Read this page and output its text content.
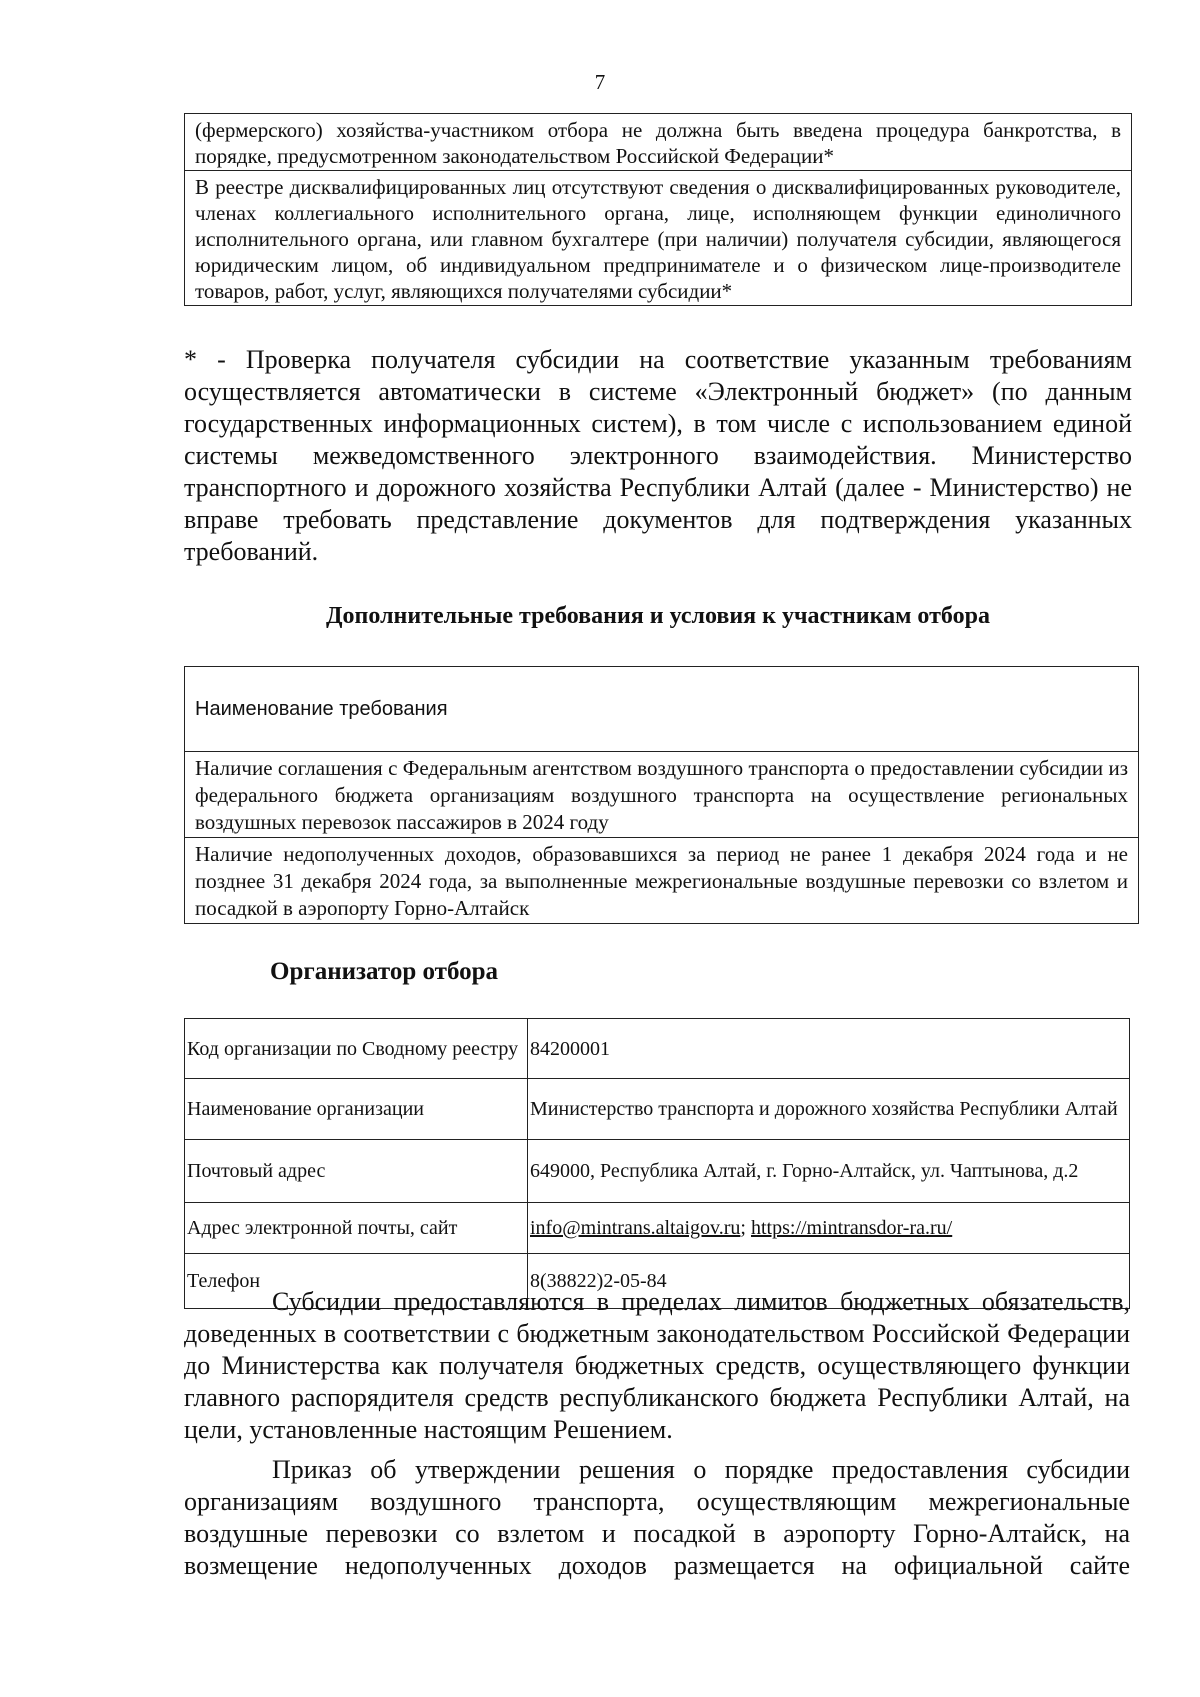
7
(фермерского) хозяйства-участником отбора не должна быть введена процедура банкротства, в порядке, предусмотренном законодательством Российской Федерации*
В реестре дисквалифицированных лиц отсутствуют сведения о дисквалифицированных руководителе, членах коллегиального исполнительного органа, лице, исполняющем функции единоличного исполнительного органа, или главном бухгалтере (при наличии) получателя субсидии, являющегося юридическим лицом, об индивидуальном предпринимателе и о физическом лице-производителе товаров, работ, услуг, являющихся получателями субсидии*
* - Проверка получателя субсидии на соответствие указанным требованиям осуществляется автоматически в системе «Электронный бюджет» (по данным государственных информационных систем), в том числе с использованием единой системы межведомственного электронного взаимодействия. Министерство транспортного и дорожного хозяйства Республики Алтай (далее - Министерство) не вправе требовать представление документов для подтверждения указанных требований.
Дополнительные требования и условия к участникам отбора
Наименование требования
Наличие соглашения с Федеральным агентством воздушного транспорта о предоставлении субсидии из федерального бюджета организациям воздушного транспорта на осуществление региональных воздушных перевозок пассажиров в 2024 году
Наличие недополученных доходов, образовавшихся за период не ранее 1 декабря 2024 года и не позднее 31 декабря 2024 года, за выполненные межрегиональные воздушные перевозки со взлетом и посадкой в аэропорту Горно-Алтайск
Организатор отбора
Код организации по Сводному реестру	84200001
Наименование организации	Министерство транспорта и дорожного хозяйства Республики Алтай
Почтовый адрес	649000, Республика Алтай, г. Горно-Алтайск, ул. Чаптынова, д.2
Адрес электронной почты, сайт	info@mintrans.altaigov.ru; https://mintransdor-ra.ru/
Телефон	8(38822)2-05-84

Субсидии предоставляются в пределах лимитов бюджетных обязательств, доведенных в соответствии с бюджетным законодательством Российской Федерации до Министерства как получателя бюджетных средств, осуществляющего функции главного распорядителя средств республиканского бюджета Республики Алтай, на цели, установленные настоящим Решением.

Приказ об утверждении решения о порядке предоставления субсидии организациям воздушного транспорта, осуществляющим межрегиональные воздушные перевозки со взлетом и посадкой в аэропорту Горно-Алтайск, на возмещение недополученных доходов размещается на официальной сайте
